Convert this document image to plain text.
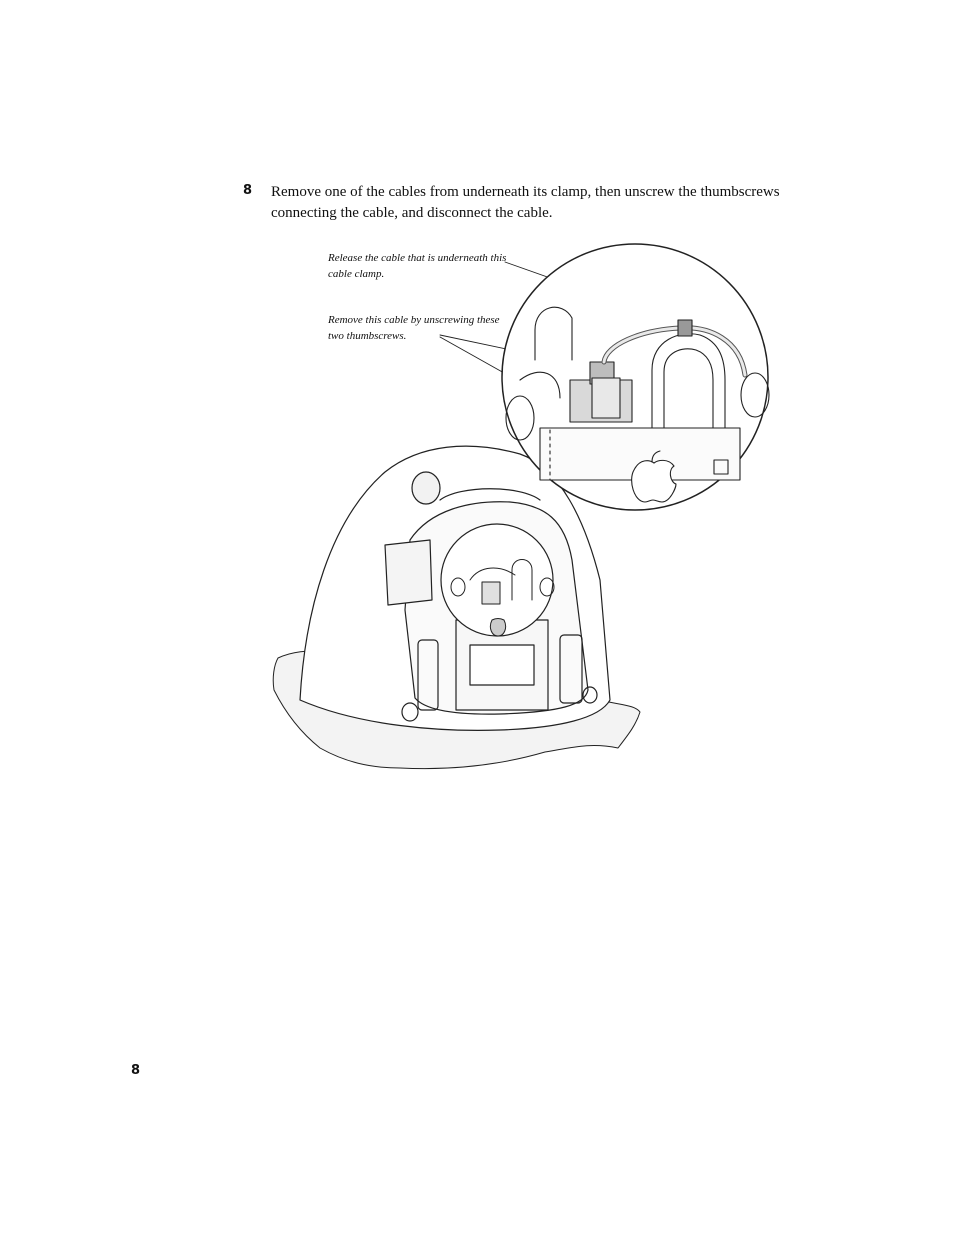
8 Remove one of the cables from underneath its clamp, then unscrew the thumbscrews connecting the cable, and disconnect the cable.
Release the cable that is underneath this cable clamp.
Remove this cable by unscrewing these two thumbscrews.
8
